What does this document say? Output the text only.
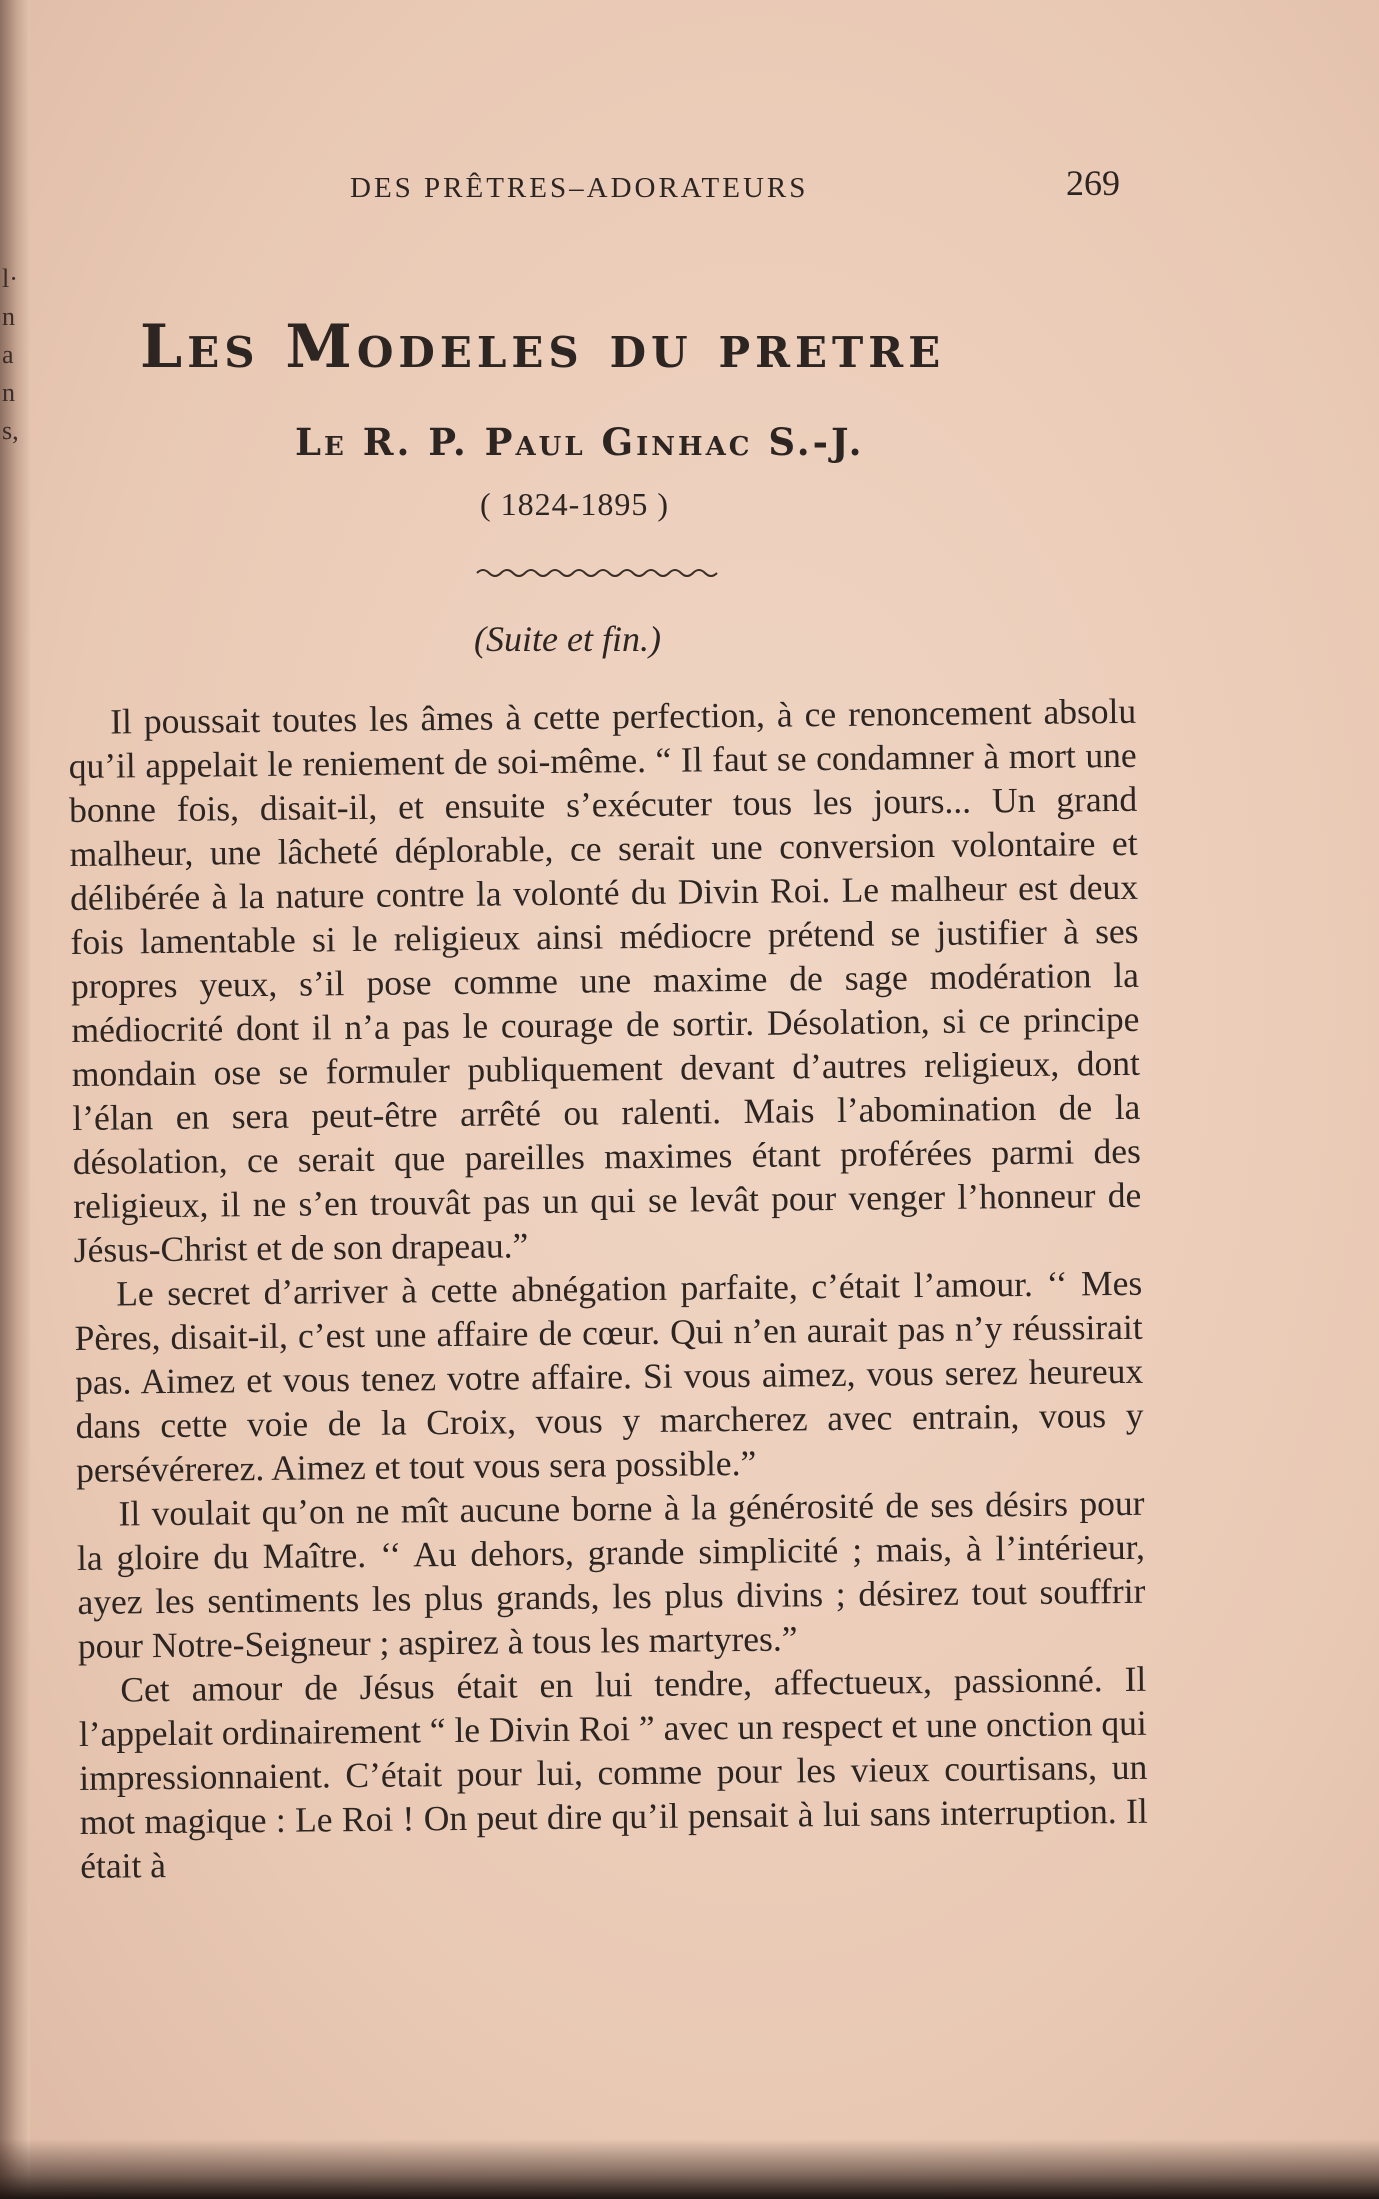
l·
n
a
n
s,
DES PRÊTRES–ADORATEURS	269
Les Modeles du pretre
Le R. P. Paul Ginhac S.-J.
( 1824-1895 )
(Suite et fin.)

Il poussait toutes les âmes à cette perfection, à ce renoncement absolu qu’il appelait le reniement de soi-même. “ Il faut se condamner à mort une bonne fois, disait-il, et ensuite s’exécuter tous les jours... Un grand malheur, une lâcheté déplorable, ce serait une conversion volontaire et délibérée à la nature contre la volonté du Divin Roi. Le malheur est deux fois lamentable si le religieux ainsi médiocre prétend se justifier à ses propres yeux, s’il pose comme une maxime de sage modération la médiocrité dont il n’a pas le courage de sortir. Désolation, si ce principe mondain ose se formuler publiquement devant d’autres religieux, dont l’élan en sera peut-être arrêté ou ralenti. Mais l’abomination de la désolation, ce serait que pareilles maximes étant proférées parmi des religieux, il ne s’en trouvât pas un qui se levât pour venger l’honneur de Jésus-Christ et de son drapeau.”

Le secret d’arriver à cette abnégation parfaite, c’était l’amour. ‘‘ Mes Pères, disait-il, c’est une affaire de cœur. Qui n’en aurait pas n’y réussirait pas. Aimez et vous tenez votre affaire. Si vous aimez, vous serez heureux dans cette voie de la Croix, vous y marcherez avec entrain, vous y persévérerez. Aimez et tout vous sera possible.”

Il voulait qu’on ne mît aucune borne à la générosité de ses désirs pour la gloire du Maître. ‘‘ Au dehors, grande simplicité ; mais, à l’intérieur, ayez les sentiments les plus grands, les plus divins ; désirez tout souffrir pour Notre-Seigneur ; aspirez à tous les martyres.”

Cet amour de Jésus était en lui tendre, affectueux, passionné. Il l’appelait ordinairement “ le Divin Roi ” avec un respect et une onction qui impressionnaient. C’était pour lui, comme pour les vieux courtisans, un mot magique : Le Roi ! On peut dire qu’il pensait à lui sans interruption. Il était à
